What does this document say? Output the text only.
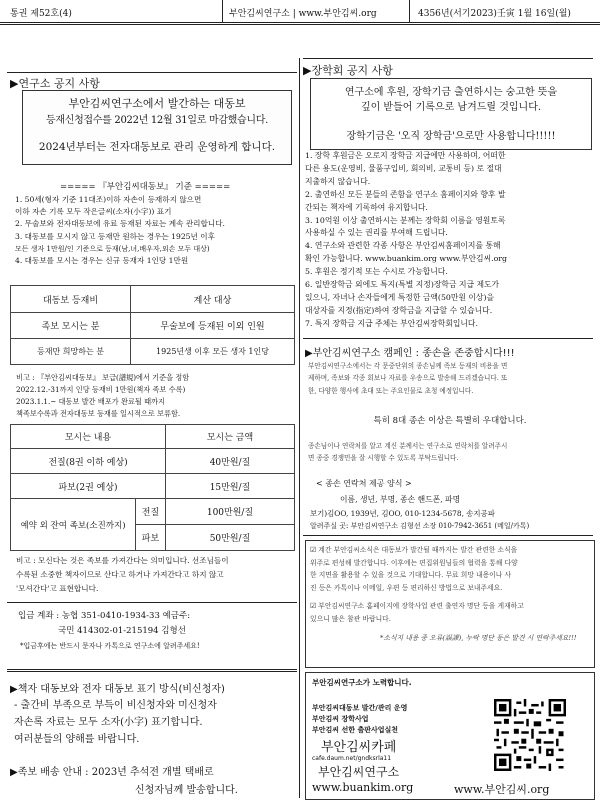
통권 제52호(4)	부안김씨연구소 | www.부안김씨.org	4356년(서기2023)壬寅 1월 16일(월)
▶연구소 공지 사항
부안김씨연구소에서 발간하는 대동보
등재신청접수를 2022년 12월 31일로 마감했습니다.
2024년부터는 전자대동보로 관리 운영하게 합니다.
===== 『부안김씨대동보』 기준 =====
1. 50세(형자 기준 11대조)이하 자손이 등재하지 않으면
이하 자손 기록 모두 작은글씨(소자(小字)) 표기
2. 무술보와 전자대동보에 유료 등재된 자료는 계속 관리합니다.
3. 대동보를 모시지 않고 등재만 원하는 경우는 1925년 이후
모든 생자 1만원/인 기준으로 등재(남,녀,배우자,외손 모두 대상)
4. 대동보를 모시는 경우는 신규 등재자 1인당 1만원
대동보 등재비	계산 대상
족보 모시는 분	무술보에 등재된 이외 인원
등재만 희망하는 분	1925년생 이후 모든 생자 1인당
비고 : 『부안김씨대동보』 보급(譜規)에서 기준을 정함
2022.12.-31까지 인당 등재비 1만원(책자 족보 수록)
2023.1.1.~ 대동보 발간 배포가 완료될 때까지
책족보수록과 전자대동보 등재를 일시적으로 보류함.
모시는 내용		모시는 금액
전질(8권 이하 예상)		40만원/질
파보(2권 예상)		15만원/질
예약 외 잔여 족보(소진까지)	전질	100만원/질
	파보	50만원/질
비고 : 모신다는 것은 족보를 가져간다는 의미입니다. 선조님들이
수록된 소중한 책자이므로 산다고 하거나 가져간다고 하지 않고
'모셔간다'고 표현합니다.
입금 계좌 : 농협 351-0410-1934-33 예금주:
국민 414302-01-215194 김형선
*입금후에는 반드시 문자나 카톡으로 연구소에 알려주세요!
▶책자 대동보와 전자 대동보 표기 방식(비신청자)
- 출간비 부족으로 부득이 비신청자와 미신청자
자손록 자료는 모두 소자(小字) 표기합니다.
여러분들의 양해를 바랍니다.
▶족보 배송 안내 : 2023년 추석전 개별 택배로
신청자님께 발송합니다.
▶장학회 공지 사항
연구소에 후원, 장학기금 출연하시는 숭고한 뜻을
깊이 받들어 기록으로 남겨드릴 것입니다.
장학기금은 '오직 장학금'으로만 사용합니다!!!!!
1. 장학 후원금은 오로지 장학금 지급에만 사용하며, 어떠한
다른 용도(운영비, 물품구입비, 회의비, 교통비 등) 로 절대
지출하지 않습니다.
2. 출연하신 모든 분들의 존함을 연구소 홈페이지와 향후 발
간되는 책자에 기록하여 유지합니다.
3. 10억원 이상 출연하시는 분께는 장학회 이름을 영원토록
사용하실 수 있는 권리를 부여해 드립니다.
4. 연구소와 관련한 각종 사항은 부안김씨홈페이지를 통해
확인 가능합니다. www.buankim.org www.부안김씨.org
5. 후원은 정기적 또는 수시로 가능합니다.
6. 일반장학금 외에도 특지(특별 지정)장학금 지급 제도가
있으니, 자녀나 손자들에게 특정한 금액(50만원 이상)을
대상자를 지정(指定)하여 장학금을 지급할 수 있습니다.
7. 특지 장학금 지급 주체는 부안김씨장학회입니다.
▶부안김씨연구소 캠페인 : 종손을 존중합시다!!!
부안김씨연구소에서는 각 문중단위의 종손님께 족보 등재의 비용을 면
제하며, 족보와 각종 회보나 자료를 우송으로 발송해 드리겠습니다. 또
한, 다양한 행사에 초대 또는 주요인물로 초청 예정입니다.
특히 8대 종손 이상은 특별히 우대합니다.
종손님이나 연락처를 알고 계신 분께서는 연구소로 연락처를 알려주시
면 종중 경쟁민을 잘 시행할 수 있도록 부탁드립니다.
< 종손 연락처 제공 양식 >
이름, 생년, 부명, 종손 핸드폰, 파명
보기)김OO, 1939년, 김OO, 010-1234-5678, 송지공파
알려주실 곳: 부안김씨연구소 김형선 소장 010-7942-3651 (메일/카톡)
☑ 계간 부안김씨소식은 대동보가 발간될 때까지는 발간 관련한 소식을
위주로 편성해 발간합니다. 이후에는 편집위원님들의 협력을 통해 다양
한 지면을 활용할 수 있을 것으로 기대합니다. 무료 희망 내용이나 사
진 등은 카톡이나 이메일, 우편 등 편리하신 방법으로 보내주세요.
☑ 부안김씨연구소 홈페이지에 장학사업 관련 출연자 명단 등을 게재하고
있으니 많은 참관 바랍니다.
*소식지 내용 중 오류(誤謬), 누락 명단 등은 발견 시 연락주세요!!!
부안김씨연구소가 노력합니다.
부안김씨대동보 발간/관리 운영
부안김씨 장학사업
부안김씨 선한 출판사업실천
부안김씨카페
cafe.daum.net/gndksrla11
부안김씨연구소
www.buankim.org	www.부안김씨.org
